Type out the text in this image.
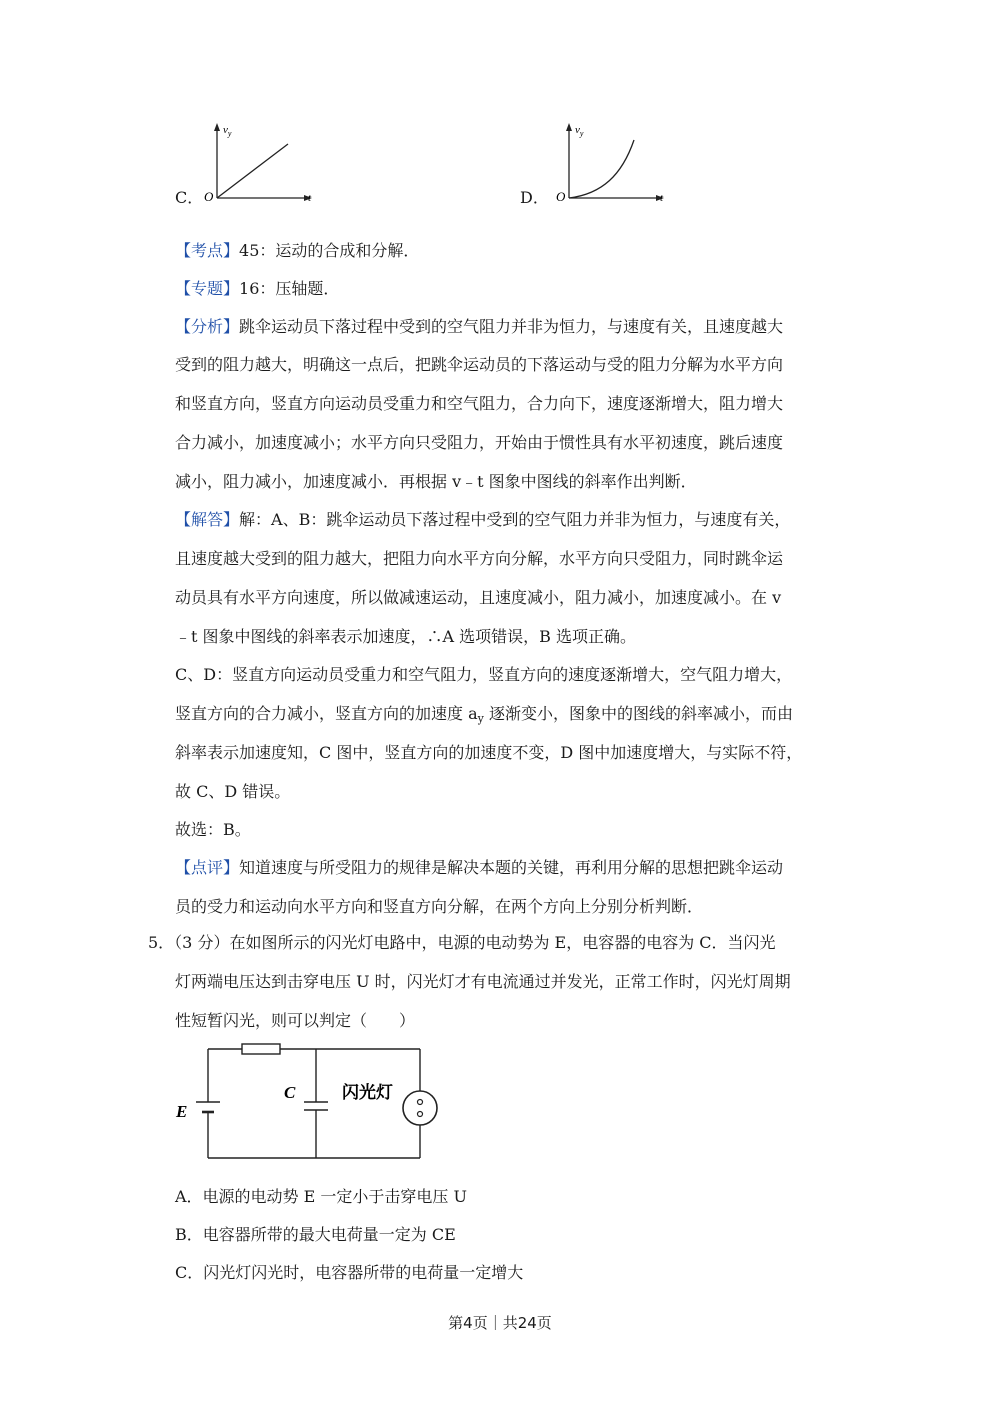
C．
$v_y$
t
O	D．
$v_y$
t
O
【考点】45：运动的合成和分解．
【专题】16：压轴题．
【分析】跳伞运动员下落过程中受到的空气阻力并非为恒力，与速度有关，且速度越大
受到的阻力越大，明确这一点后，把跳伞运动员的下落运动与受的阻力分解为水平方向
和竖直方向，竖直方向运动员受重力和空气阻力，合力向下，速度逐渐增大，阻力增大
合力减小，加速度减小；水平方向只受阻力，开始由于惯性具有水平初速度，跳后速度
减小，阻力减小，加速度减小．再根据 v﹣t 图象中图线的斜率作出判断．
【解答】解：A、B：跳伞运动员下落过程中受到的空气阻力并非为恒力，与速度有关，
且速度越大受到的阻力越大，把阻力向水平方向分解，水平方向只受阻力，同时跳伞运
动员具有水平方向速度，所以做减速运动，且速度减小，阻力减小，加速度减小。在 v
﹣t 图象中图线的斜率表示加速度，∴A 选项错误，B 选项正确。
C、D：竖直方向运动员受重力和空气阻力，竖直方向的速度逐渐增大，空气阻力增大，
竖直方向的合力减小，竖直方向的加速度 $a_y$ 逐渐变小，图象中的图线的斜率减小，而由
斜率表示加速度知，C 图中，竖直方向的加速度不变，D 图中加速度增大，与实际不符，
故 C、D 错误。
故选：B。
【点评】知道速度与所受阻力的规律是解决本题的关键，再利用分解的思想把跳伞运动
员的受力和运动向水平方向和竖直方向分解，在两个方向上分别分析判断．
5．（3 分）在如图所示的闪光灯电路中，电源的电动势为 E，电容器的电容为 C．当闪光
灯两端电压达到击穿电压 U 时，闪光灯才有电流通过并发光，正常工作时，闪光灯周期
性短暂闪光，则可以判定（　　）
E
C	闪光灯
A．电源的电动势 E 一定小于击穿电压 U
B．电容器所带的最大电荷量一定为 CE
C．闪光灯闪光时，电容器所带的电荷量一定增大
第4页｜共24页
